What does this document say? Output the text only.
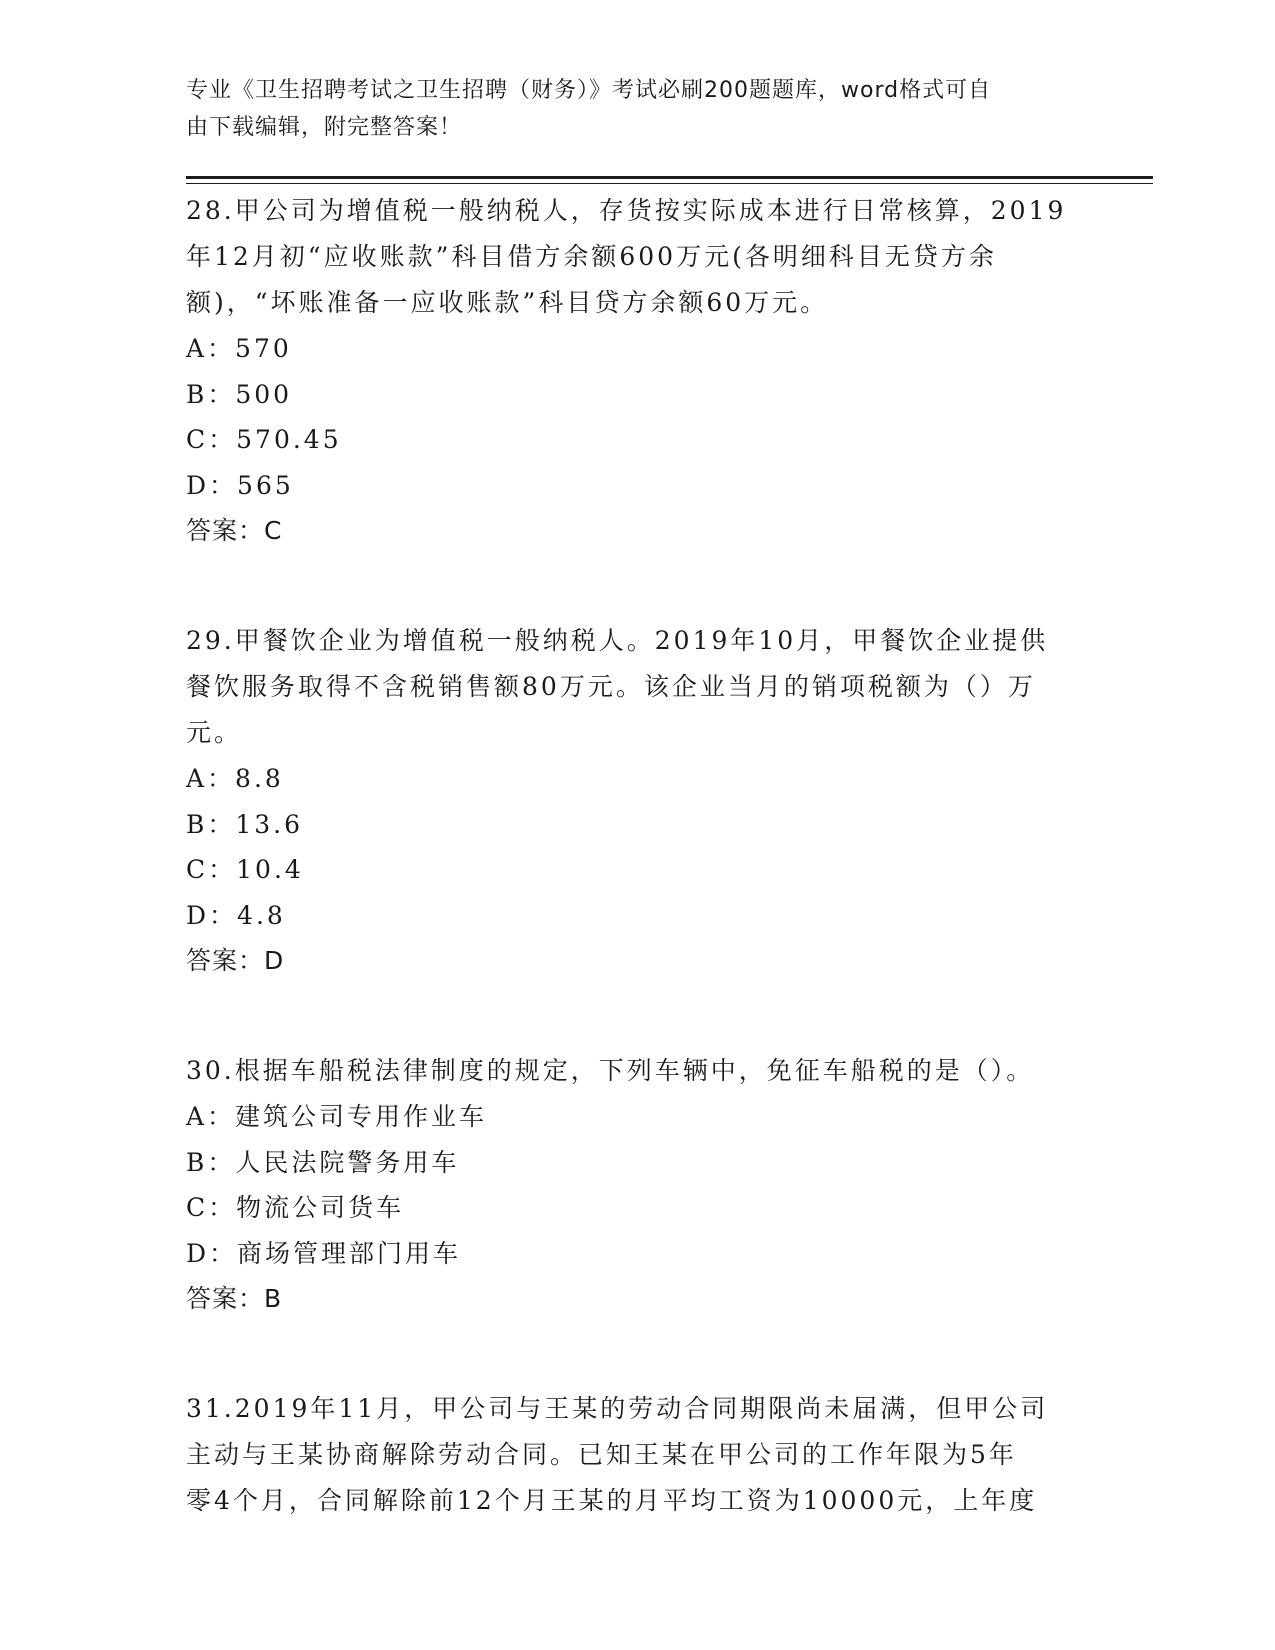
专业《卫生招聘考试之卫生招聘（财务）》考试必刷200题题库，word格式可自
由下载编辑，附完整答案！
28.甲公司为增值税一般纳税人，存货按实际成本进行日常核算，2019
年12月初“应收账款”科目借方余额600万元(各明细科目无贷方余
额)，“坏账准备一应收账款”科目贷方余额60万元。
A：570
B：500
C：570.45
D：565
答案：C
29.甲餐饮企业为增值税一般纳税人。2019年10月，甲餐饮企业提供
餐饮服务取得不含税销售额80万元。该企业当月的销项税额为（）万
元。
A：8.8
B：13.6
C：10.4
D：4.8
答案：D
30.根据车船税法律制度的规定，下列车辆中，免征车船税的是（）。
A：建筑公司专用作业车
B：人民法院警务用车
C：物流公司货车
D：商场管理部门用车
答案：B
31.2019年11月，甲公司与王某的劳动合同期限尚未届满，但甲公司
主动与王某协商解除劳动合同。已知王某在甲公司的工作年限为5年
零4个月，合同解除前12个月王某的月平均工资为10000元，上年度
